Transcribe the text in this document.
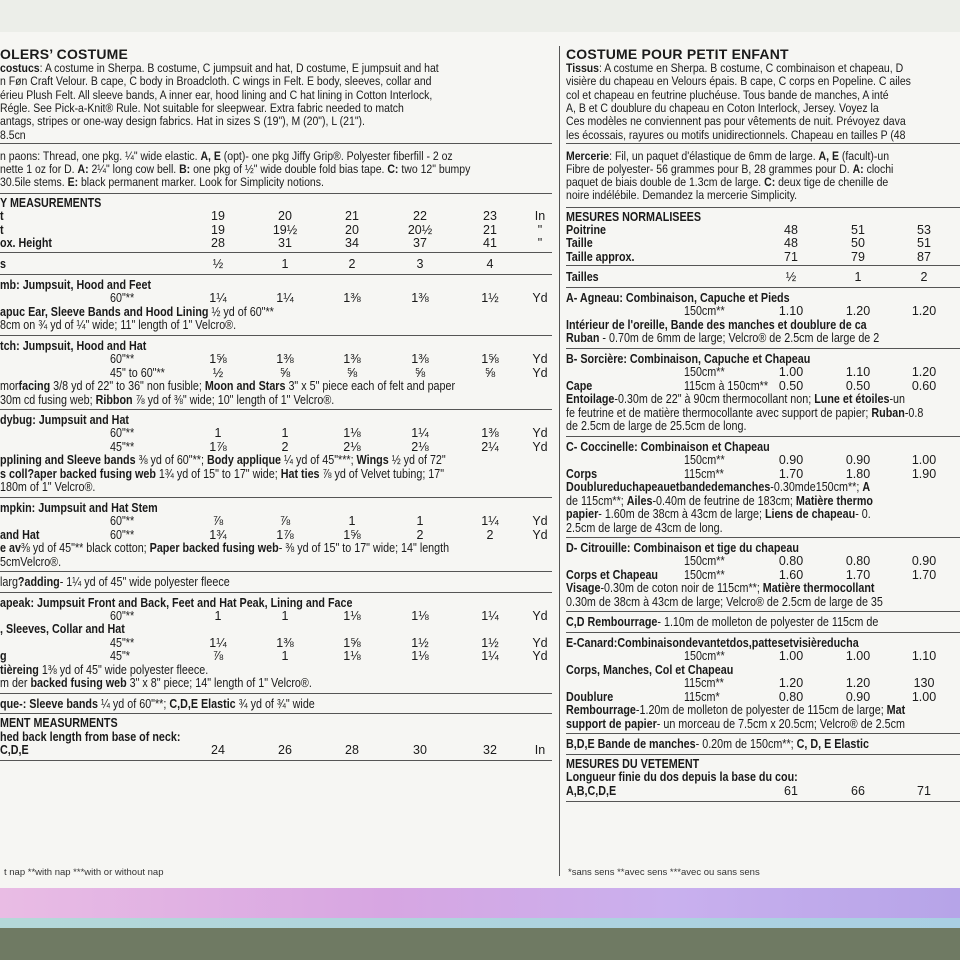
OLERS’ COSTUME
costucs: A costume in Sherpa. B costume, C jumpsuit and hat, D costume, E jumpsuit and hat
n Føn Craft Velour. B cape, C body in Broadcloth. C wings in Felt. E body, sleeves, collar and
érieu Plush Felt. All sleeve bands, A inner ear, hood lining and C hat lining in Cotton Interlock,
Régle. See Pick-a-Knit® Rule. Not suitable for sleepwear. Extra fabric needed to match
antags, stripes or one-way design fabrics. Hat in sizes S (19"), M (20"), L (21").
8.5cn
n paons: Thread, one pkg. ¼" wide elastic. A, E (opt)- one pkg Jiffy Grip®. Polyester fiberfill - 2 oz
nette 1 oz for D. A: 2¼" long cow bell. B: one pkg of ½" wide double fold bias tape. C: two 12" bumpy
30.5ile stems. E: black permanent marker. Look for Simplicity notions.
Y MEASUREMENTS
t	19	20	21	22	23	In
t	19	19½	20	20½	21	"
ox. Height	28	31	34	37	41	"
s	½	1	2	3	4
mb: Jumpsuit, Hood and Feet
60"**	1¼	1¼	1⅜	1⅜	1½	Yd
apuc Ear, Sleeve Bands and Hood Lining ½ yd of 60"**
8cm on ¾ yd of ¼" wide; 11" length of 1" Velcro®.
tch: Jumpsuit, Hood and Hat
60"**	1⅝	1⅜	1⅜	1⅜	1⅝	Yd
45" to 60"**	½	⅝	⅝	⅝	⅝	Yd
morfacing 3/8 yd of 22" to 36" non fusible; Moon and Stars 3" x 5" piece each of felt and paper
30m cd fusing web; Ribbon ⅞ yd of ⅜" wide; 10" length of 1" Velcro®.
dybug: Jumpsuit and Hat
60"**	1	1	1⅛	1¼	1⅜	Yd
45"**	1⅞	2	2⅛	2⅛	2¼	Yd
pplining and Sleeve bands ⅜ yd of 60"**; Body applique ¼ yd of 45"***; Wings ½ yd of 72"
s coll?aper backed fusing web 1¾ yd of 15" to 17" wide; Hat ties ⅞ yd of Velvet tubing; 17"
180m of 1" Velcro®.
mpkin: Jumpsuit and Hat Stem
60"**	⅞	⅞	1	1	1¼	Yd
and Hat	60"**	1¾	1⅞	1⅝	2	2	Yd
e av⅜ yd of 45"** black cotton; Paper backed fusing web- ⅜ yd of 15" to 17" wide; 14" length
5cmVelcro®.
larg?adding- 1¼ yd of 45" wide polyester fleece
apeak: Jumpsuit Front and Back, Feet and Hat Peak, Lining and Face
60"**	1	1	1⅛	1⅛	1¼	Yd
, Sleeves, Collar and Hat
45"**	1¼	1⅜	1⅝	1½	1½	Yd
g	45"*	⅞	1	1⅛	1⅛	1¼	Yd
tièreing 1⅜ yd of 45" wide polyester fleece.
m der backed fusing web 3" x 8" piece; 14" length of 1" Velcro®.
que-: Sleeve bands ¼ yd of 60"**; C,D,E Elastic ¾ yd of ¾" wide
MENT MEASURMENTS
hed back length from base of neck:
C,D,E	24	26	28	30	32	In
t nap **with nap ***with or without nap
COSTUME POUR PETIT ENFANT
Tissus: A costume en Sherpa. B costume, C combinaison et chapeau, D
visière du chapeau en Velours épais. B cape, C corps en Popeline. C ailes
col et chapeau en feutrine pluchéuse. Tous bande de manches, A inté
A, B et C doublure du chapeau en Coton Interlock, Jersey. Voyez la
Ces modèles ne conviennent pas pour vêtements de nuit. Prévoyez dava
les écossais, rayures ou motifs unidirectionnels. Chapeau en tailles P (48
Mercerie: Fil, un paquet d'élastique de 6mm de large. A, E (facult)-un
Fibre de polyester- 56 grammes pour B, 28 grammes pour D. A: clochi
paquet de biais double de 1.3cm de large. C: deux tige de chenille de
noire indélébile. Demandez la mercerie Simplicity.
MESURES NORMALISEES
Poitrine	48	51	53
Taille	48	50	51
Taille approx.	71	79	87
Tailles	½	1	2
A- Agneau: Combinaison, Capuche et Pieds
150cm**	1.10	1.20	1.20
Intérieur de l'oreille, Bande des manches et doublure de ca
Ruban - 0.70m de 6mm de large; Velcro® de 2.5cm de large de 2
B- Sorcière: Combinaison, Capuche et Chapeau
150cm**	1.00	1.10	1.20
Cape	115cm à 150cm** 0.50	0.50	0.60
Entoilage-0.30m de 22" à 90cm thermocollant non; Lune et étoiles-un
fe feutrine et de matière thermocollante avec support de papier; Ruban-0.8
de 2.5cm de large de 25.5cm de long.
C- Coccinelle: Combinaison et Chapeau
150cm**	0.90	0.90	1.00
Corps	115cm**	1.70	1.80	1.90
Doublureduchapeauetbandedemanches-0.30mde150cm**; A
de 115cm**; Ailes-0.40m de feutrine de 183cm; Matière thermo
papier- 1.60m de 38cm à 43cm de large; Liens de chapeau- 0.
2.5cm de large de 43cm de long.
D- Citrouille: Combinaison et tige du chapeau
150cm**	0.80	0.80	0.90
Corps et Chapeau 150cm**	1.60	1.70	1.70
Visage-0.30m de coton noir de 115cm**; Matière thermocollant
0.30m de 38cm à 43cm de large; Velcro® de 2.5cm de large de 35
C,D Rembourrage- 1.10m de molleton de polyester de 115cm de
E-Canard:Combinaisondevantetdos,pattesetvisièreducha
150cm**	1.00	1.00	1.10
Corps, Manches, Col et Chapeau
115cm**	1.20	1.20	130
Doublure	115cm*	0.80	0.90	1.00
Rembourrage-1.20m de molleton de polyester de 115cm de large; Mat
support de papier- un morceau de 7.5cm x 20.5cm; Velcro® de 2.5cm
B,D,E Bande de manches- 0.20m de 150cm**; C, D, E Elastic
MESURES DU VETEMENT
Longueur finie du dos depuis la base du cou:
A,B,C,D,E	61	66	71
*sans sens **avec sens ***avec ou sans sens
